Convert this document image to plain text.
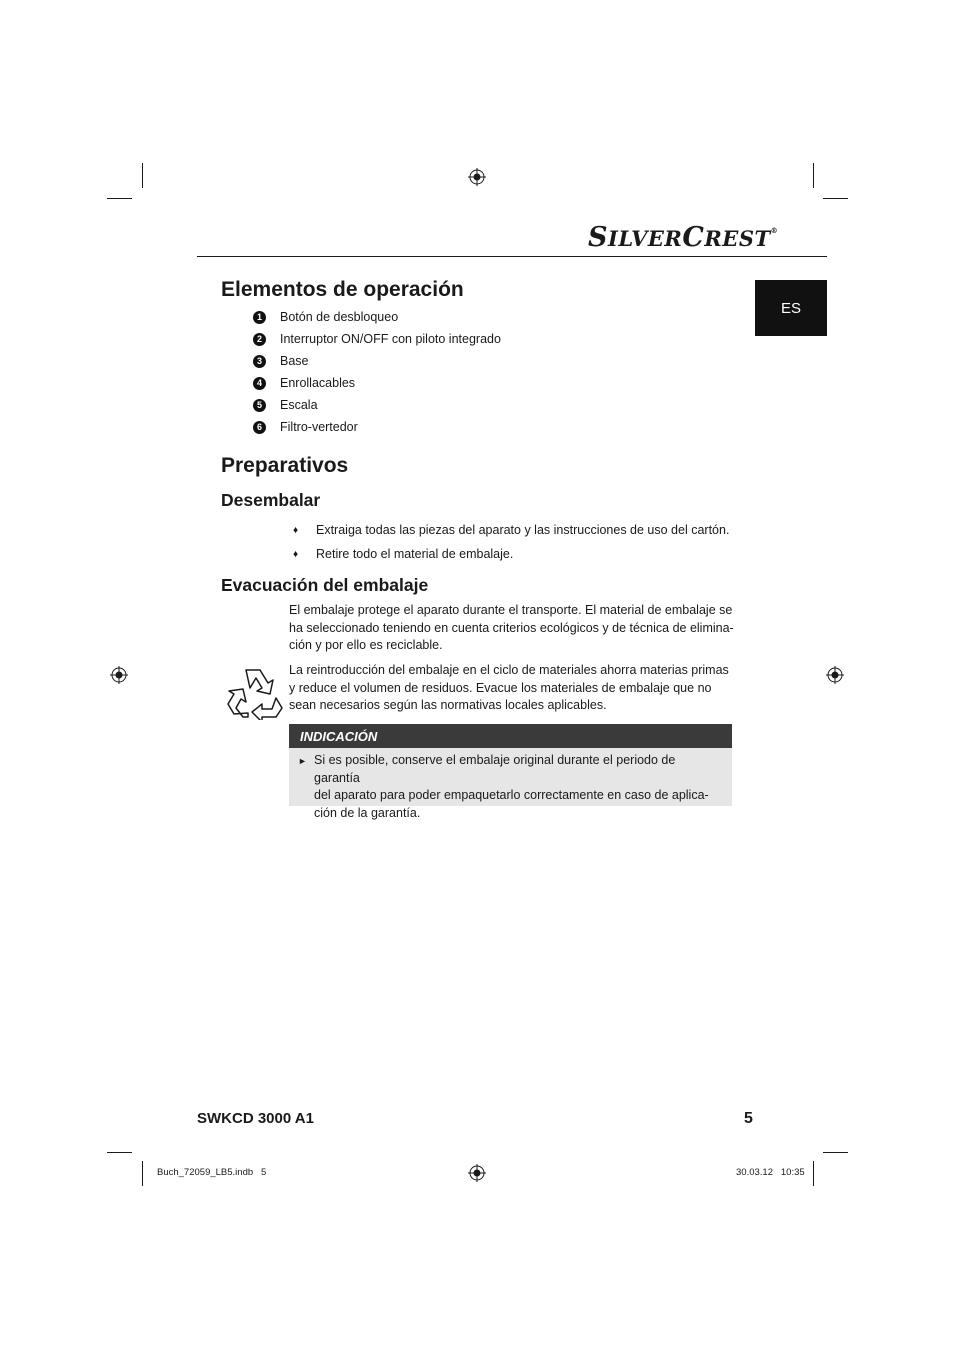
SILVERCREST®
ES
Elementos de operación
1	Botón de desbloqueo
2	Interruptor ON/OFF con piloto integrado
3	Base
4	Enrollacables
5	Escala
6	Filtro-vertedor
Preparativos
Desembalar
♦	Extraiga todas las piezas del aparato y las instrucciones de uso del cartón.
♦	Retire todo el material de embalaje.
Evacuación del embalaje

El embalaje protege el aparato durante el transporte. El material de embalaje se
ha seleccionado teniendo en cuenta criterios ecológicos y de técnica de elimina-
ción y por ello es reciclable.

La reintroducción del embalaje en el ciclo de materiales ahorra materias primas
y reduce el volumen de residuos. Evacue los materiales de embalaje que no
sean necesarios según las normativas locales aplicables.

INDICACIÓN
► Si es posible, conserve el embalaje original durante el periodo de garantía
del aparato para poder empaquetarlo correctamente en caso de aplica-
ción de la garantía.
SWKCD 3000 A1	5
Buch_72059_LB5.indb   5	30.03.12   10:35
